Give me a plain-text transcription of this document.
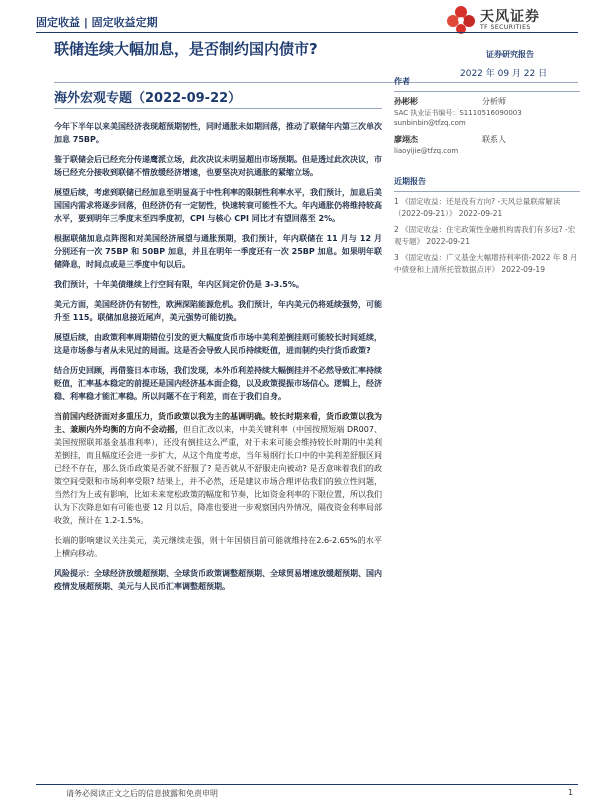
固定收益 | 固定收益定期	天风证券
TF SECURITIES
联储连续大幅加息，是否制约国内债市?	证券研究报告
2022 年 09 月 22 日
海外宏观专题（2022-09-22）

今年下半年以来美国经济表现超预期韧性，同时通胀未如期回落，推动了联储年内第三次单次加息 75BP。

鉴于联储会后已经充分传递鹰派立场，此次决议未明显超出市场预期。但是透过此次决议，市场已经充分接收到联储不惜放缓经济增速，也要坚决对抗通胀的紧缩立场。

展望后续，考虑到联储已经加息至明显高于中性利率的限制性利率水平，我们预计，加息后美国国内需求将逐步回落，但经济仍有一定韧性，快速转衰可能性不大。年内通胀仍将维持较高水平，要到明年三季度末至四季度初，CPI 与核心 CPI 同比才有望回落至 2%。

根据联储加息点阵图和对美国经济展望与通胀预期，我们预计，年内联储在 11 月与 12 月分别还有一次 75BP 和 50BP 加息，并且在明年一季度还有一次 25BP 加息。如果明年联储降息，时间点或是三季度中旬以后。

我们预计，十年美债继续上行空间有限，年内区间定价仍是 3-3.5%。

美元方面，美国经济仍有韧性，欧洲深陷能源危机。我们预计，年内美元仍将延续强势，可能升至 115。联储加息接近尾声，美元强势可能切换。

展望后续，由政策利率周期错位引发的更大幅度货币市场中美利差倒挂则可能较长时间延续，这是市场参与者从未见过的局面。这是否会导致人民币持续贬值，进而制约央行货币政策?

结合历史回顾，再借鉴日本市场，我们发现，本外币利差持续大幅倒挂并不必然导致汇率持续贬值，汇率基本稳定的前提还是国内经济基本面企稳，以及政策提振市场信心。逻辑上，经济稳、利率稳才能汇率稳。所以问题不在于利差，而在于我们自身。

当前国内经济面对多重压力，货币政策以我为主的基调明确。较长时期来看，货币政策以我为主、兼顾内外均衡的方向不会动摇，但自汇改以来，中美关键利率（中国按照短端 DR007、美国按照联邦基金基准利率），还没有倒挂这么严重，对于未来可能会维持较长时期的中美利差倒挂，而且幅度还会进一步扩大，从这个角度考虑，当年易纲行长口中的中美利差舒服区间已经不存在，那么货币政策是否就不舒服了? 是否就从不舒服走向被动? 是否意味着我们的政策空间受限和市场利率受限? 结果上，并不必然，还是建议市场合理评估我们的独立性问题，当然行为上或有影响，比如未来宽松政策的幅度和节奏，比如资金利率的下限位置，所以我们认为下次降息如有可能也要 12 月以后，降准也要进一步观察国内外情况，隔夜资金利率局部收敛，预计在 1.2-1.5%。

长端的影响建议关注美元，美元继续走强，则十年国债目前可能就维持在2.6-2.65%的水平上横向移动。

风险提示：全球经济放缓超预期、全球货币政策调整超预期、全球贸易增速放缓超预期、国内疫情发展超预期、美元与人民币汇率调整超预期。

作者
孙彬彬	分析师
SAC 执业证书编号：S1110516090003
sunbinbin@tfzq.com
廖翊杰	联系人
liaoyijie@tfzq.com
近期报告
1 《固定收益：还是没有方向? -天风总量联席解读（2022-09-21）》 2022-09-21
2 《固定收益：住宅政策性金融机构需我们有多远? -宏观专题》 2022-09-21
3 《固定收益：广义基金大幅增持利率债-2022 年 8 月中债登和上清所托管数据点评》 2022-09-19
请务必阅读正文之后的信息披露和免责申明	1
